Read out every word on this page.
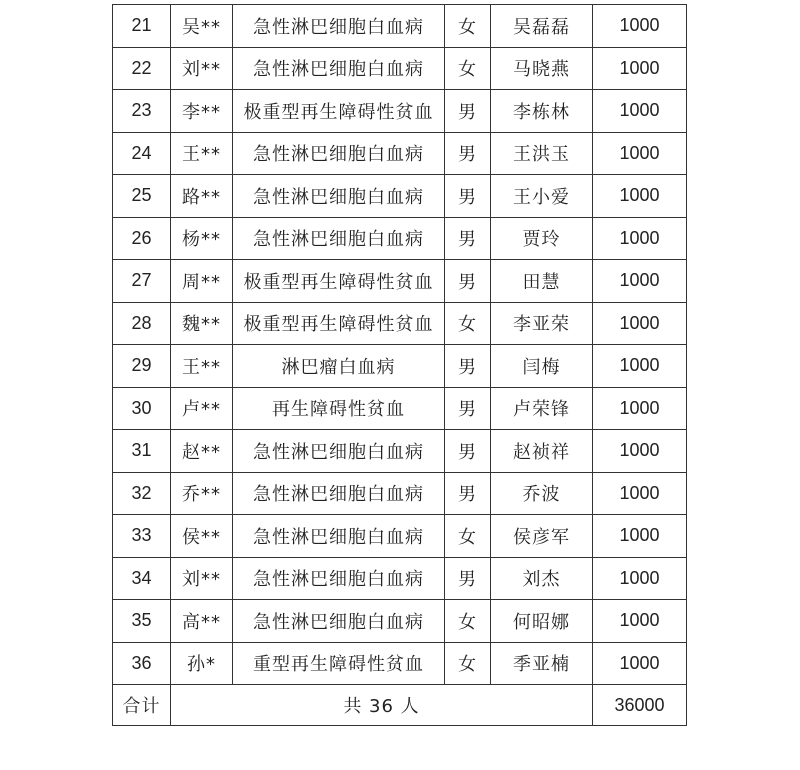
21	吴**	急性淋巴细胞白血病	女	吴磊磊	1000
22	刘**	急性淋巴细胞白血病	女	马晓燕	1000
23	李**	极重型再生障碍性贫血	男	李栋林	1000
24	王**	急性淋巴细胞白血病	男	王洪玉	1000
25	路**	急性淋巴细胞白血病	男	王小爱	1000
26	杨**	急性淋巴细胞白血病	男	贾玲	1000
27	周**	极重型再生障碍性贫血	男	田慧	1000
28	魏**	极重型再生障碍性贫血	女	李亚荣	1000
29	王**	淋巴瘤白血病	男	闫梅	1000
30	卢**	再生障碍性贫血	男	卢荣锋	1000
31	赵**	急性淋巴细胞白血病	男	赵祯祥	1000
32	乔**	急性淋巴细胞白血病	男	乔波	1000
33	侯**	急性淋巴细胞白血病	女	侯彦军	1000
34	刘**	急性淋巴细胞白血病	男	刘杰	1000
35	高**	急性淋巴细胞白血病	女	何昭娜	1000
36	孙*	重型再生障碍性贫血	女	季亚楠	1000
合计	共 36 人				36000
